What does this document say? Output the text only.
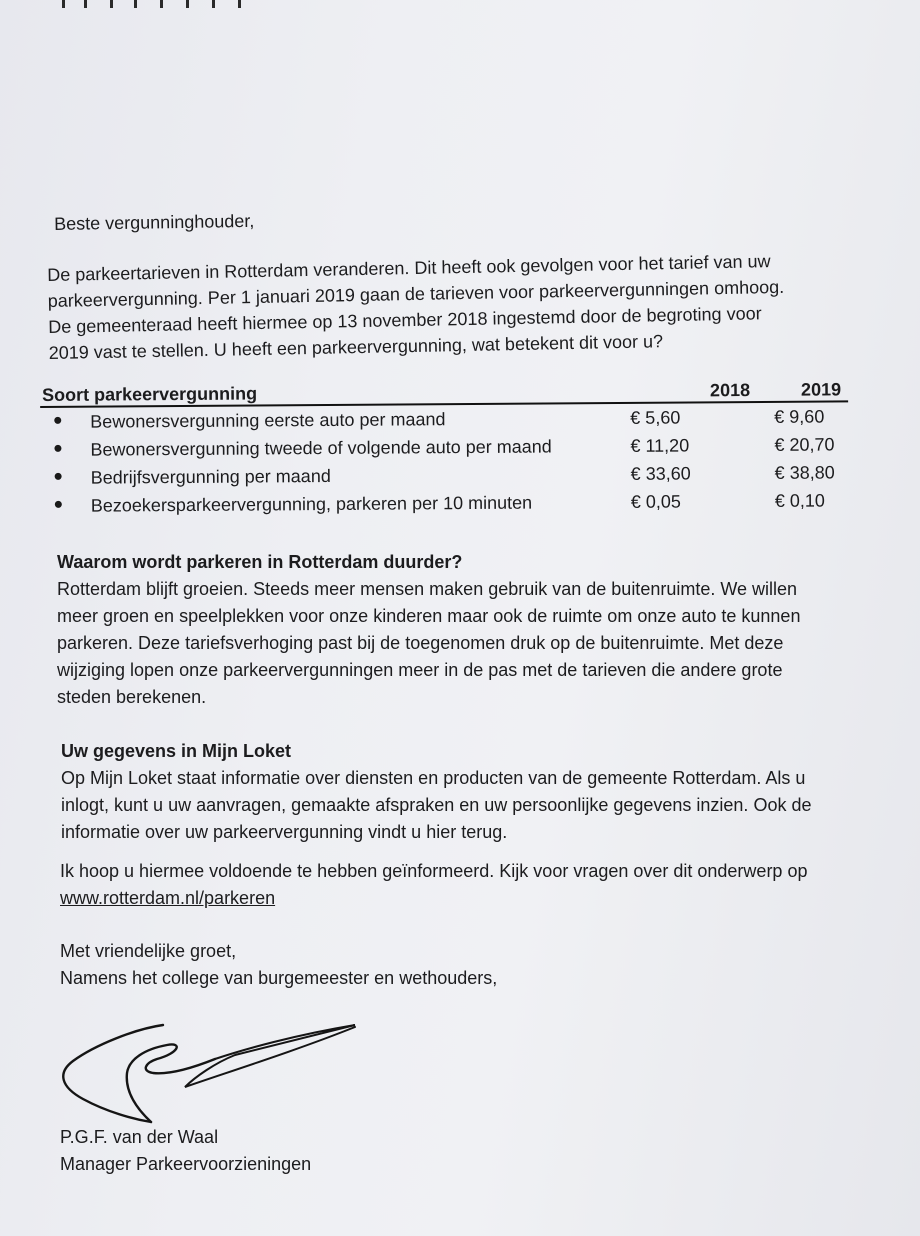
Beste vergunninghouder,
De parkeertarieven in Rotterdam veranderen. Dit heeft ook gevolgen voor het tarief van uw
parkeervergunning. Per 1 januari 2019 gaan de tarieven voor parkeervergunningen omhoog.
De gemeenteraad heeft hiermee op 13 november 2018 ingestemd door de begroting voor
2019 vast te stellen. U heeft een parkeervergunning, wat betekent dit voor u?
Soort parkeervergunning	2018	2019
Bewonersvergunning eerste auto per maand	€ 5,60	€ 9,60
Bewonersvergunning tweede of volgende auto per maand	€ 11,20	€ 20,70
Bedrijfsvergunning per maand	€ 33,60	€ 38,80
Bezoekersparkeervergunning, parkeren per 10 minuten	€ 0,05	€ 0,10
Waarom wordt parkeren in Rotterdam duurder?
Rotterdam blijft groeien. Steeds meer mensen maken gebruik van de buitenruimte. We willen
meer groen en speelplekken voor onze kinderen maar ook de ruimte om onze auto te kunnen
parkeren. Deze tariefsverhoging past bij de toegenomen druk op de buitenruimte. Met deze
wijziging lopen onze parkeervergunningen meer in de pas met de tarieven die andere grote
steden berekenen.
Uw gegevens in Mijn Loket
Op Mijn Loket staat informatie over diensten en producten van de gemeente Rotterdam. Als u
inlogt, kunt u uw aanvragen, gemaakte afspraken en uw persoonlijke gegevens inzien. Ook de
informatie over uw parkeervergunning vindt u hier terug.
Ik hoop u hiermee voldoende te hebben geïnformeerd. Kijk voor vragen over dit onderwerp op
www.rotterdam.nl/parkeren
Met vriendelijke groet,
Namens het college van burgemeester en wethouders,
P.G.F. van der Waal
Manager Parkeervoorzieningen
